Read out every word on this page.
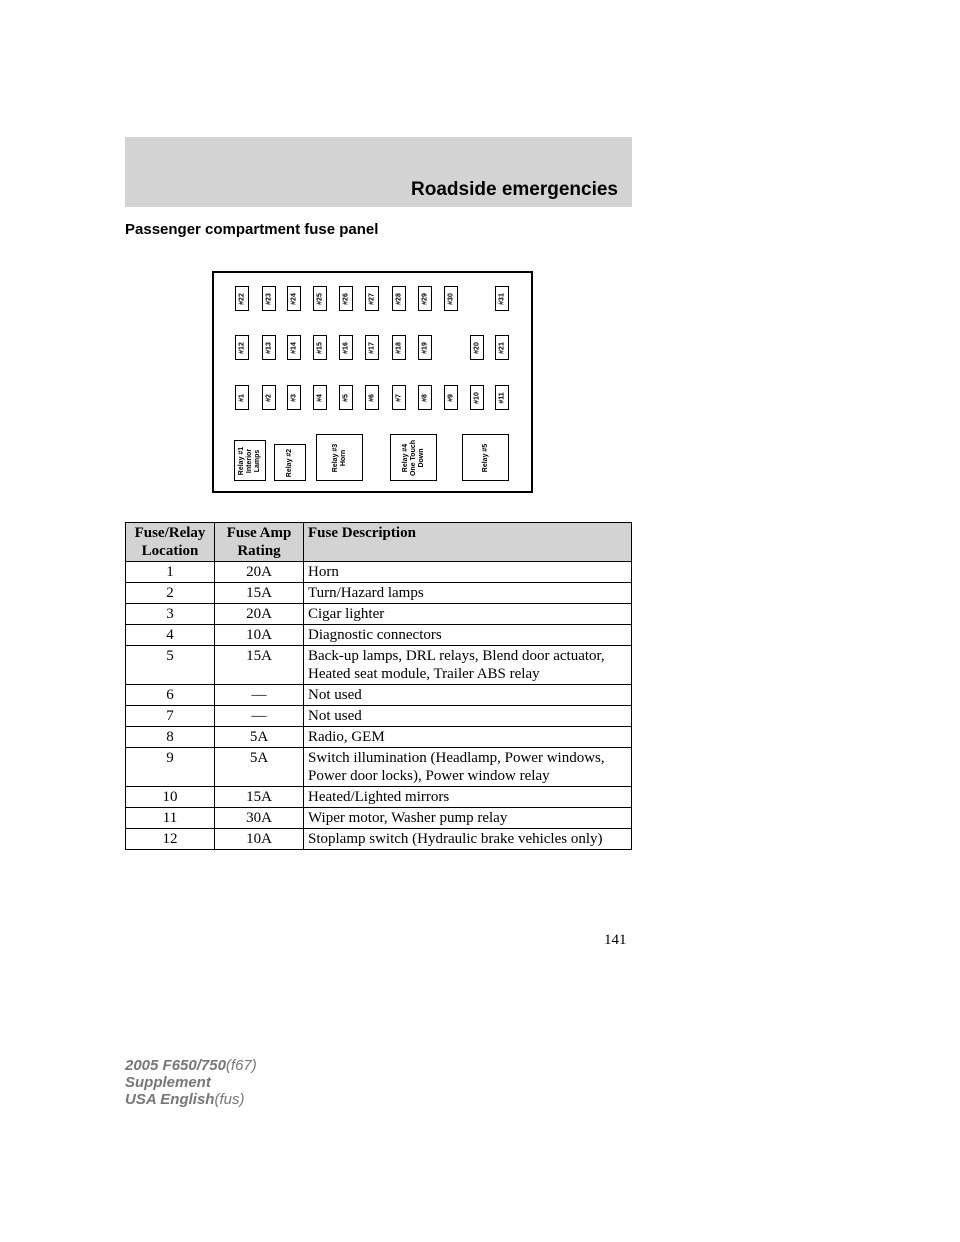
Roadside emergencies
Passenger compartment fuse panel
#22	#23	#24	#25	#26	#27	#28	#29	#30	#31
#12	#13	#14	#15	#16	#17	#18	#19	#20	#21
#1	#2	#3	#4	#5	#6	#7	#8	#9	#10	#11
Relay #1
Interior
Lamps	Relay #2	Relay #3
Horn	Relay #4
One Touch
Down	Relay #5
Fuse/Relay Location	Fuse Amp Rating	Fuse Description
1	20A	Horn
2	15A	Turn/Hazard lamps
3	20A	Cigar lighter
4	10A	Diagnostic connectors
5	15A	Back-up lamps, DRL relays, Blend door actuator, Heated seat module, Trailer ABS relay
6	—	Not used
7	—	Not used
8	5A	Radio, GEM
9	5A	Switch illumination (Headlamp, Power windows, Power door locks), Power window relay
10	15A	Heated/Lighted mirrors
11	30A	Wiper motor, Washer pump relay
12	10A	Stoplamp switch (Hydraulic brake vehicles only)
141
2005 F650/750(f67)
Supplement
USA English(fus)
